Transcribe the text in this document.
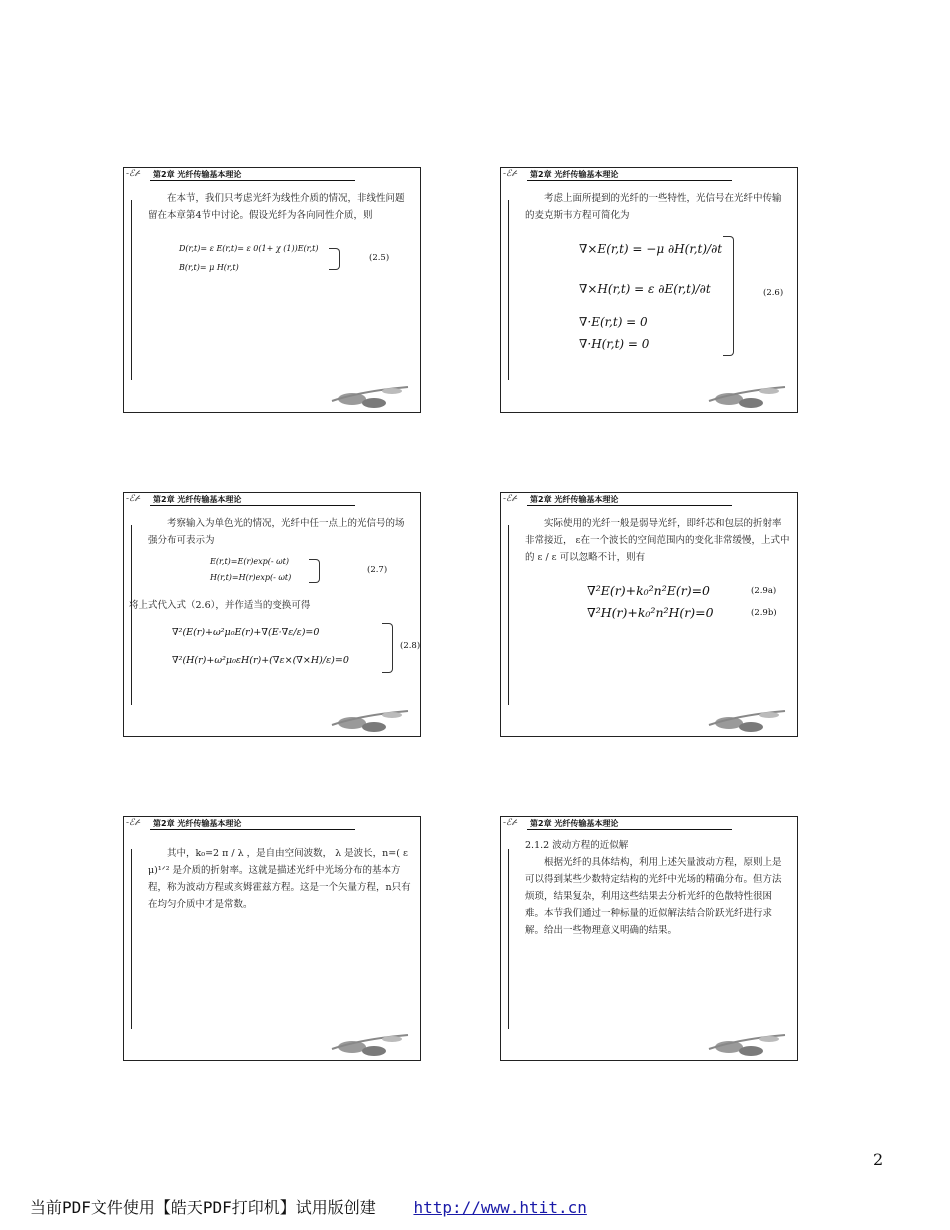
-ℰ𝓉- 第2章 光纤传输基本理论

在本节，我们只考虑光纤为线性介质的情况，非线性问题留在本章第4节中讨论。假设光纤为各向同性介质，则

D(r,t)= ε E(r,t)= ε 0(1+ χ (1))E(r,t)
B(r,t)= μ H(r,t)
(2.5)
-ℰ𝓉- 第2章 光纤传输基本理论

考虑上面所提到的光纤的一些特性，光信号在光纤中传输的麦克斯韦方程可简化为

∇×E(r,t) = −μ ∂H(r,t)/∂t
∇×H(r,t) = ε ∂E(r,t)/∂t
∇·E(r,t) = 0
∇·H(r,t) = 0
(2.6)
-ℰ𝓉- 第2章 光纤传输基本理论

考察输入为单色光的情况，光纤中任一点上的光信号的场强分布可表示为

E(r,t)=E(r)exp(- ωt)
H(r,t)=H(r)exp(- ωt)
(2.7)
将上式代入式（2.6），并作适当的变换可得
∇²(E(r)+ω²μ₀E(r)+∇(E·∇ε/ε)=0
∇²(H(r)+ω²μ₀εH(r)+(∇ε×(∇×H)/ε)=0
(2.8)
-ℰ𝓉- 第2章 光纤传输基本理论

实际使用的光纤一般是弱导光纤，即纤芯和包层的折射率非常接近， ε在一个波长的空间范围内的变化非常缓慢，上式中的 ε / ε 可以忽略不计，则有

∇²E(r)+k₀²n²E(r)=0	(2.9a)
∇²H(r)+k₀²n²H(r)=0	(2.9b)
-ℰ𝓉- 第2章 光纤传输基本理论

其中，k₀=2 π / λ ，是自由空间波数， λ 是波长，n=( ε μ)¹ᐟ² 是介质的折射率。这就是描述光纤中光场分布的基本方程，称为波动方程或亥姆霍兹方程。这是一个矢量方程，n只有在均匀介质中才是常数。

-ℰ𝓉- 第2章 光纤传输基本理论
2.1.2 波动方程的近似解

根据光纤的具体结构，利用上述矢量波动方程，原则上是可以得到某些少数特定结构的光纤中光场的精确分布。但方法烦琐，结果复杂，利用这些结果去分析光纤的色散特性很困难。本节我们通过一种标量的近似解法结合阶跃光纤进行求解。给出一些物理意义明确的结果。

2
当前PDF文件使用【皓天PDF打印机】试用版创建 http://www.htit.cn
